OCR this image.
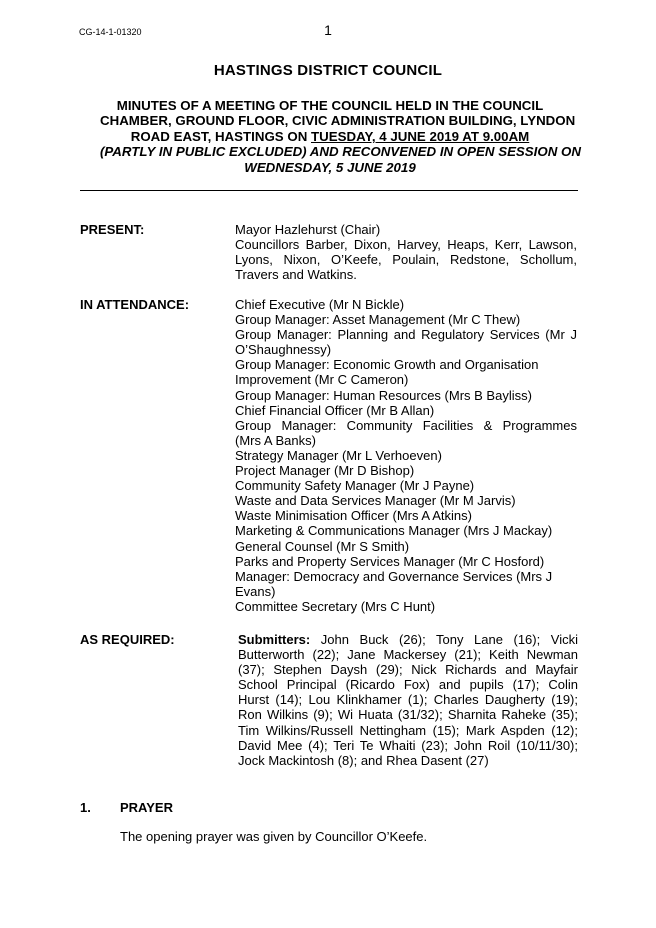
CG-14-1-01320	1
HASTINGS DISTRICT COUNCIL
MINUTES OF A MEETING OF THE COUNCIL HELD IN THE COUNCIL
CHAMBER, GROUND FLOOR, CIVIC ADMINISTRATION BUILDING, LYNDON
ROAD EAST, HASTINGS ON TUESDAY, 4 JUNE 2019 AT 9.00AM
(PARTLY IN PUBLIC EXCLUDED) AND RECONVENED IN OPEN SESSION ON
WEDNESDAY, 5 JUNE 2019
PRESENT:	Mayor Hazlehurst (Chair)
Councillors Barber, Dixon, Harvey, Heaps, Kerr, Lawson,
Lyons, Nixon, O’Keefe, Poulain, Redstone, Schollum,
Travers and Watkins.
IN ATTENDANCE:	Chief Executive (Mr N Bickle)
Group Manager: Asset Management (Mr C Thew)
Group Manager: Planning and Regulatory Services (Mr J
O’Shaughnessy)
Group Manager: Economic Growth and Organisation
Improvement (Mr C Cameron)
Group Manager: Human Resources (Mrs B Bayliss)
Chief Financial Officer (Mr B Allan)
Group Manager: Community Facilities & Programmes
(Mrs A Banks)
Strategy Manager (Mr L Verhoeven)
Project Manager (Mr D Bishop)
Community Safety Manager (Mr J Payne)
Waste and Data Services Manager (Mr M Jarvis)
Waste Minimisation Officer (Mrs A Atkins)
Marketing & Communications Manager (Mrs J Mackay)
General Counsel (Mr S Smith)
Parks and Property Services Manager (Mr C Hosford)
Manager: Democracy and Governance Services (Mrs J
Evans)
Committee Secretary (Mrs C Hunt)
AS REQUIRED:	Submitters: John Buck (26); Tony Lane (16); Vicki
Butterworth (22); Jane Mackersey (21); Keith Newman
(37); Stephen Daysh (29); Nick Richards and Mayfair
School Principal (Ricardo Fox) and pupils (17); Colin
Hurst (14); Lou Klinkhamer (1); Charles Daugherty (19);
Ron Wilkins (9); Wi Huata (31/32); Sharnita Raheke (35);
Tim Wilkins/Russell Nettingham (15); Mark Aspden (12);
David Mee (4); Teri Te Whaiti (23); John Roil (10/11/30);
Jock Mackintosh (8); and Rhea Dasent (27)
1. PRAYER
The opening prayer was given by Councillor O’Keefe.
